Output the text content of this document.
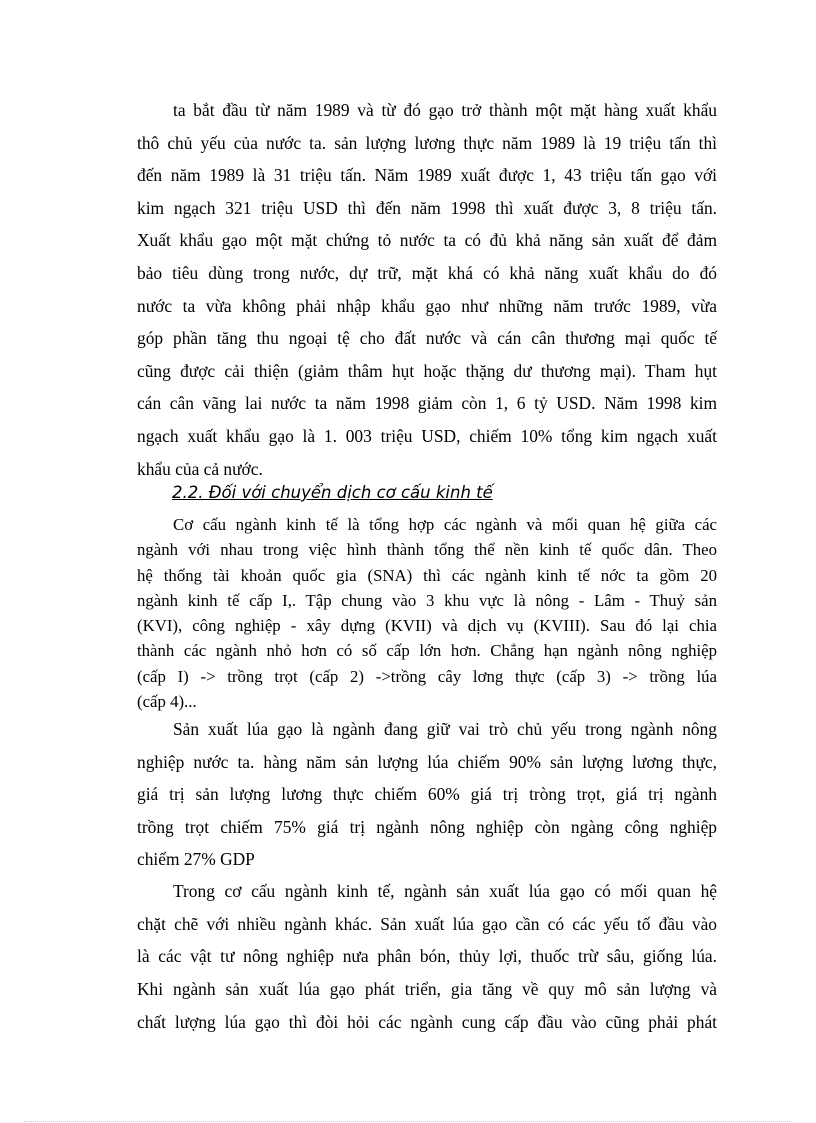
ta bắt đầu từ năm 1989 và từ đó gạo trở thành một mặt hàng xuất khẩu
thô chủ yếu của nước ta. sản lượng lương thực năm 1989 là 19 triệu tấn thì
đến năm 1989 là 31 triệu tấn. Năm 1989 xuất được 1, 43 triệu tấn gạo với
kim ngạch 321 triệu USD thì đến năm 1998 thì xuất được 3, 8 triệu tấn.
Xuất khẩu gạo một mặt chứng tỏ nước ta có đủ khả năng sản xuất để đảm
bảo tiêu dùng trong nước, dự trữ, mặt khá có khả năng xuất khẩu do đó
nước ta vừa không phải nhập khẩu gạo như những năm trước 1989, vừa
góp phần tăng thu ngoại tệ cho đất nước và cán cân thương mại quốc tế
cũng được cải thiện (giảm thâm hụt hoặc thặng dư thương mại). Tham hụt
cán cân vãng lai nước ta năm 1998 giảm còn 1, 6 tỷ USD. Năm 1998 kim
ngạch xuất khẩu gạo là 1. 003 triệu USD, chiếm 10% tổng kim ngạch xuất
khẩu của cả nước.
2.2. Đối với chuyển dịch cơ cấu kinh tế
Cơ cấu ngành kinh tế là tổng hợp các ngành và mối quan hệ giữa các
ngành với nhau trong việc hình thành tổng thể nền kinh tế quốc dân. Theo
hệ thống tài khoản quốc gia (SNA) thì các ngành kinh tế nớc ta gồm 20
ngành kinh tế cấp I,. Tập chung vào 3 khu vực là nông - Lâm - Thuỷ sản
(KVI), công nghiệp - xây dựng (KVII) và dịch vụ (KVIII). Sau đó lại chia
thành các ngành nhỏ hơn có số cấp lớn hơn. Chẳng hạn ngành nông nghiệp
(cấp I) -> trồng trọt (cấp 2) ->trồng cây lơng thực (cấp 3) -> trồng lúa
(cấp 4)...
Sản xuất lúa gạo là ngành đang giữ vai trò chủ yếu trong ngành nông
nghiệp nước ta. hàng năm sản lượng lúa chiếm 90% sản lượng lương thực,
giá trị sản lượng lương thực chiếm 60% giá trị tròng trọt, giá trị ngành
trồng trọt chiếm 75% giá trị ngành nông nghiệp còn ngàng công nghiệp
chiếm 27% GDP
Trong cơ cấu ngành kinh tế, ngành sản xuất lúa gạo có mối quan hệ
chặt chẽ với nhiều ngành khác. Sản xuất lúa gạo cần có các yếu tố đầu vào
là các vật tư nông nghiệp nưa phân bón, thủy lợi, thuốc trừ sâu, giống lúa.
Khi ngành sản xuất lúa gạo phát triển, gia tăng về quy mô sản lượng và
chất lượng lúa gạo thì đòi hỏi các ngành cung cấp đầu vào cũng phải phát
